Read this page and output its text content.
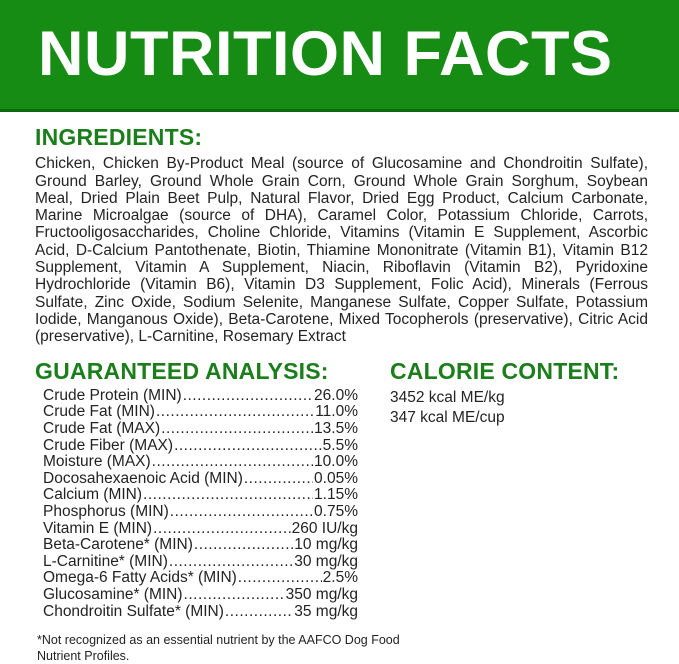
NUTRITION FACTS
INGREDIENTS:

Chicken, Chicken By-Product Meal (source of Glucosamine and Chondroitin Sulfate), Ground Barley, Ground Whole Grain Corn, Ground Whole Grain Sorghum, Soybean Meal, Dried Plain Beet Pulp, Natural Flavor, Dried Egg Product, Calcium Carbonate, Marine Microalgae (source of DHA), Caramel Color, Potassium Chloride, Carrots, Fructooligosaccharides, Choline Chloride, Vitamins (Vitamin E Supplement, Ascorbic Acid, D-Calcium Pantothenate, Biotin, Thiamine Mononitrate (Vitamin B1), Vitamin B12 Supplement, Vitamin A Supplement, Niacin, Riboflavin (Vitamin B2), Pyridoxine Hydrochloride (Vitamin B6), Vitamin D3 Supplement, Folic Acid), Minerals (Ferrous Sulfate, Zinc Oxide, Sodium Selenite, Manganese Sulfate, Copper Sulfate, Potassium Iodide, Manganous Oxide), Beta-Carotene, Mixed Tocopherols (preservative), Citric Acid (preservative), L-Carnitine, Rosemary Extract

GUARANTEED ANALYSIS:
Crude Protein (MIN) .....	26.0%
Crude Fat (MIN) .....	11.0%
Crude Fat (MAX) .....	13.5%
Crude Fiber (MAX) .....	5.5%
Moisture (MAX) .....	10.0%
Docosahexaenoic Acid (MIN) .....	0.05%
Calcium (MIN) .....	1.15%
Phosphorus (MIN) .....	0.75%
Vitamin E (MIN) .....	260 IU/kg
Beta-Carotene* (MIN) .....	10 mg/kg
L-Carnitine* (MIN) .....	30 mg/kg
Omega-6 Fatty Acids* (MIN) .....	2.5%
Glucosamine* (MIN) .....	350 mg/kg
Chondroitin Sulfate* (MIN) .....	35 mg/kg
CALORIE CONTENT:
3452 kcal ME/kg
347 kcal ME/cup

*Not recognized as an essential nutrient by the AAFCO Dog Food Nutrient Profiles.
